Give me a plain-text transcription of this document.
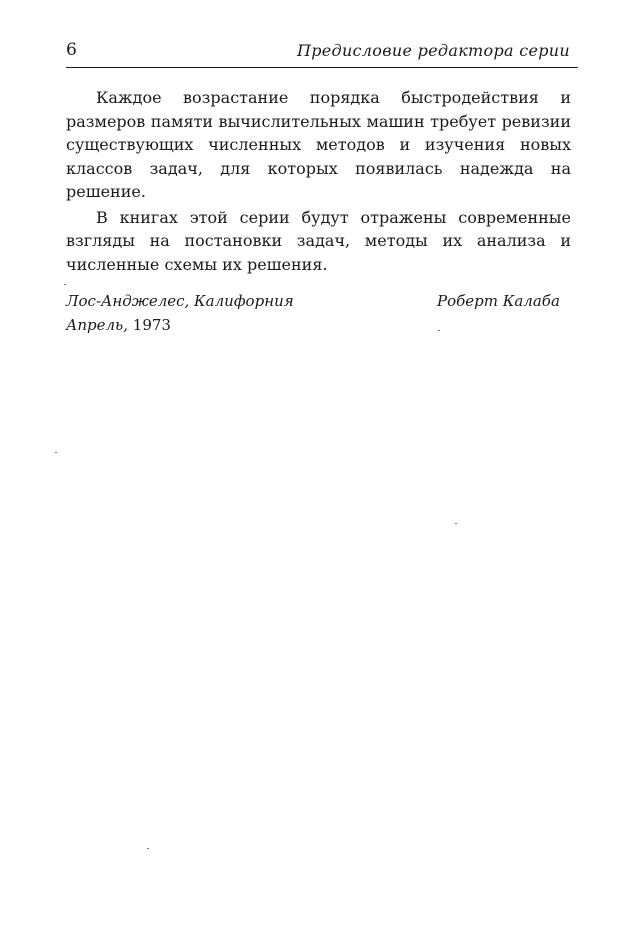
6	Предисловие редактора серии

Каждое возрастание порядка быстродействия и размеров памяти вычислительных машин требует ревизии существующих численных методов и изучения новых классов задач, для которых появилась надежда на решение.

В книгах этой серии будут отражены современные взгляды на постановки задач, методы их анализа и численные схемы их решения.

Лос-Анджелес, Калифорния
Апрель, 1973
Роберт Калаба
